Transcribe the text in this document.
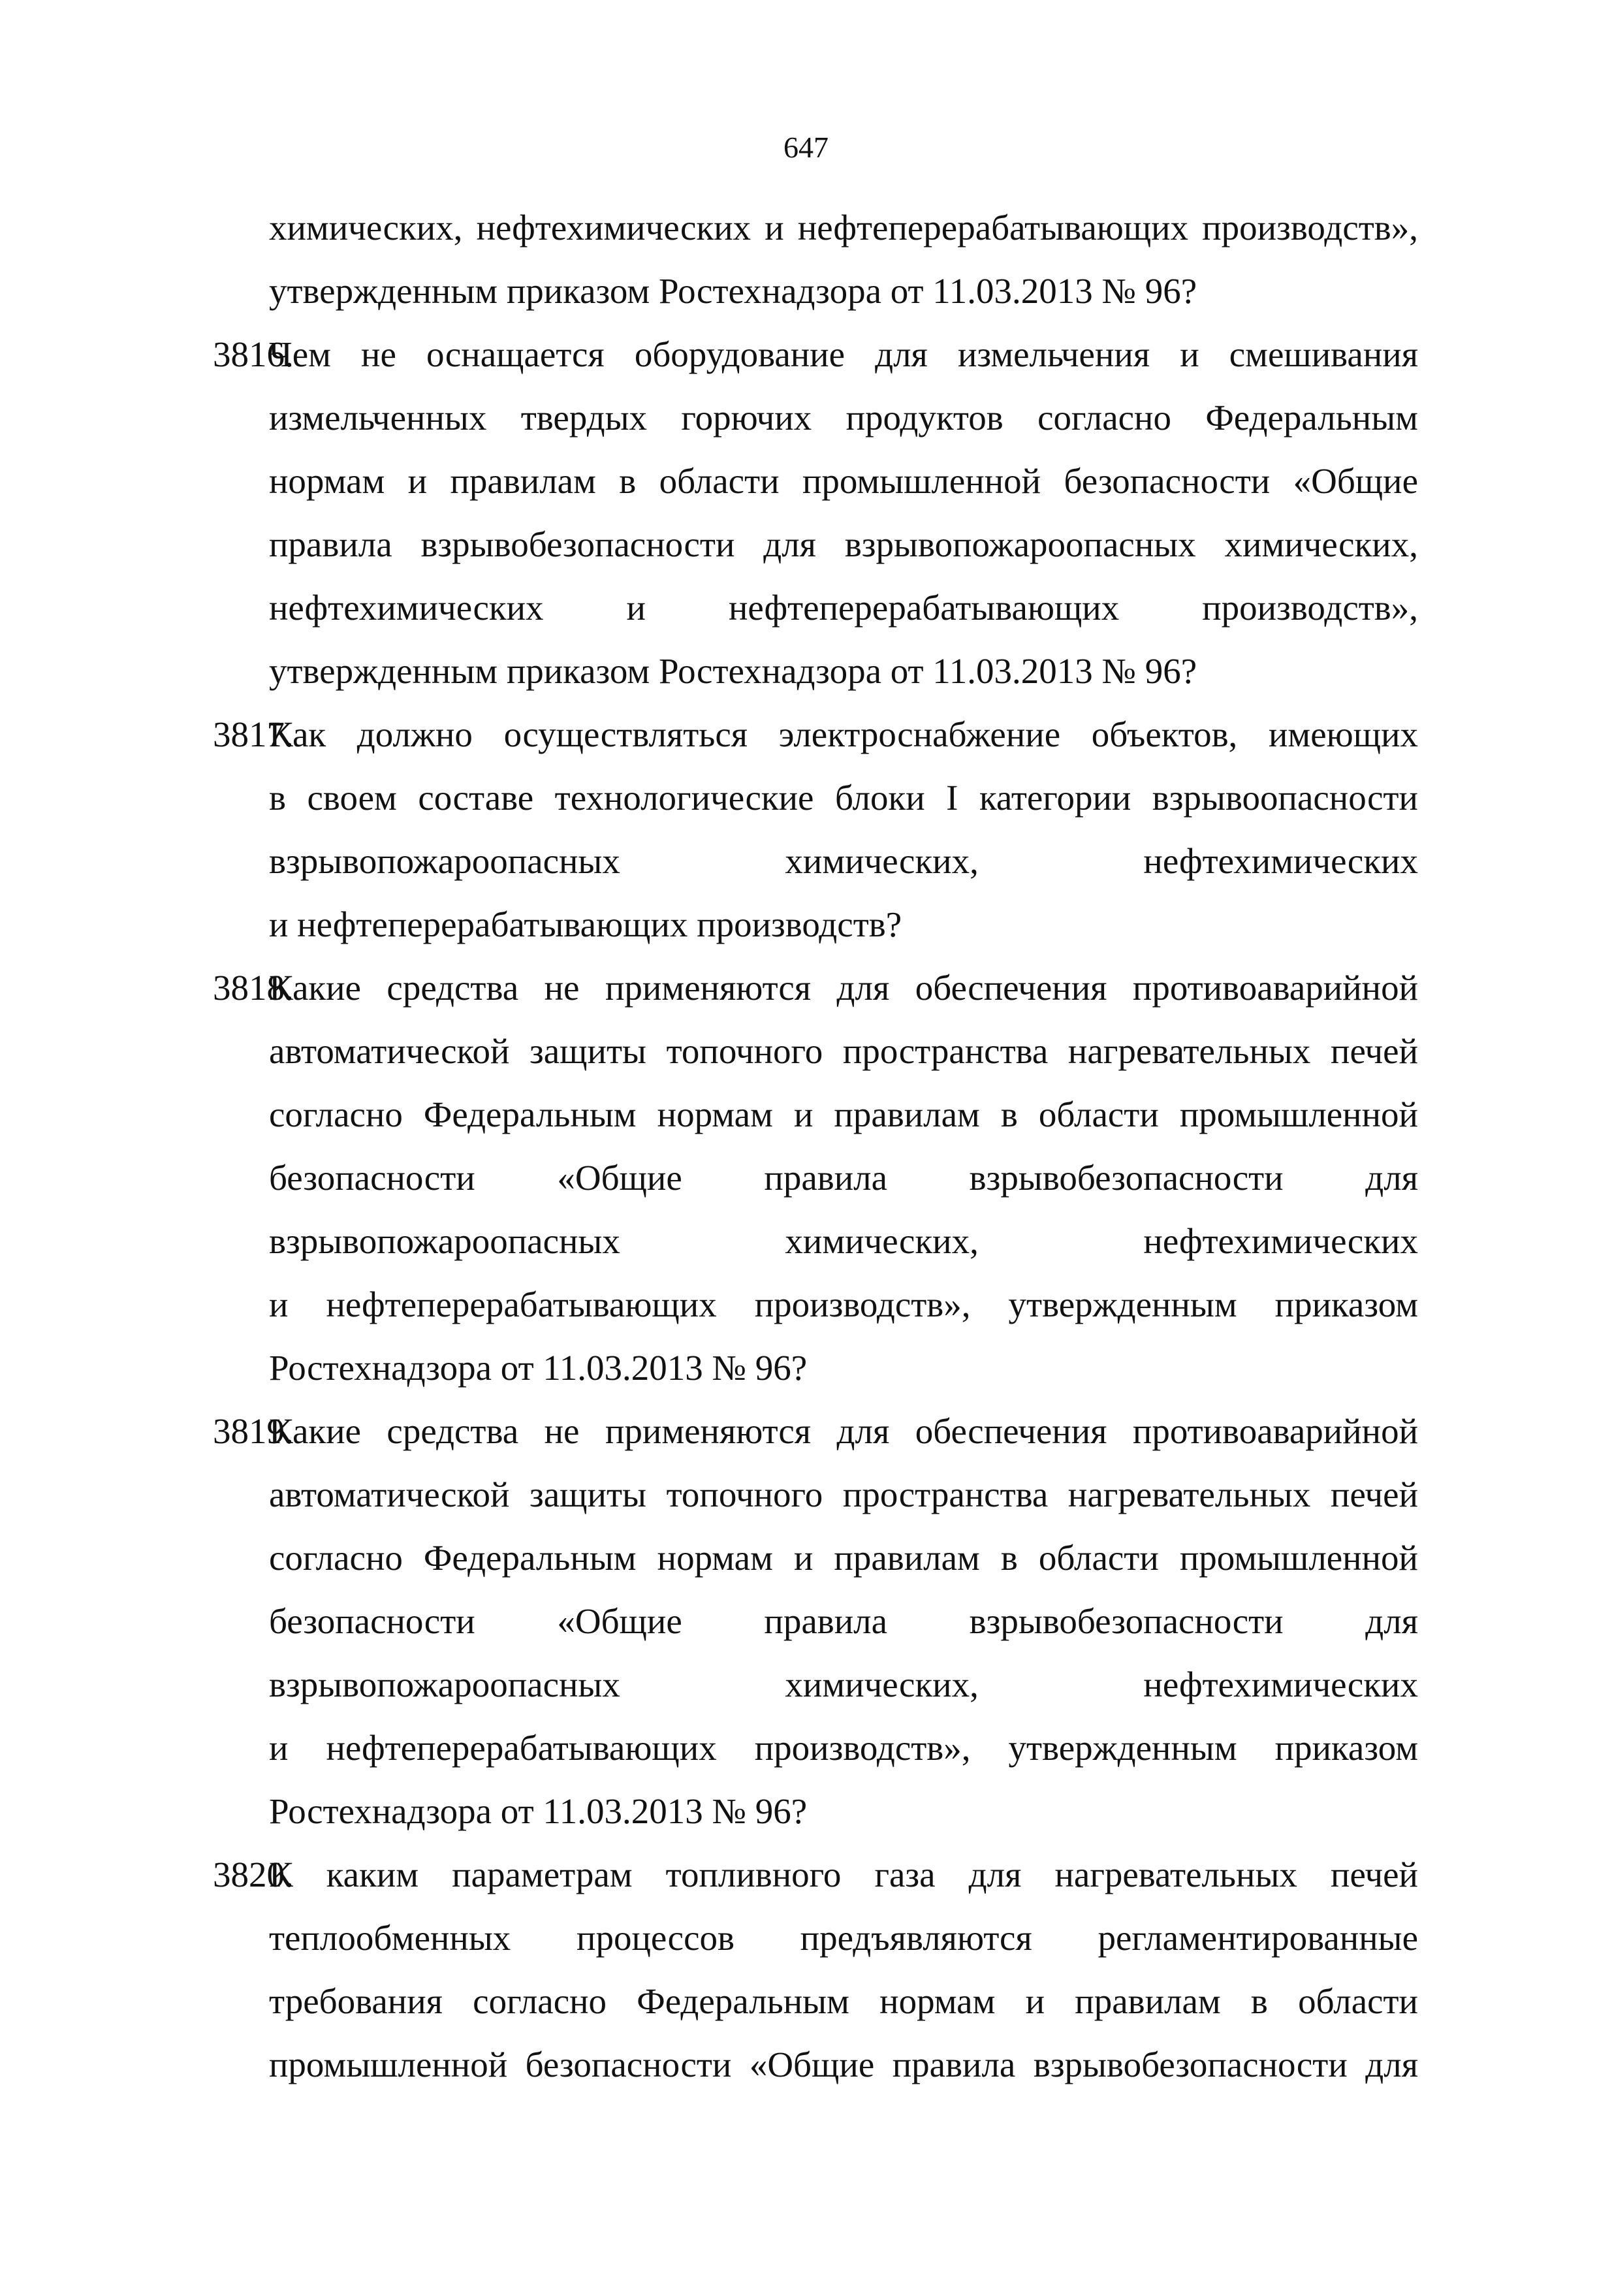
647
химических, нефтехимических и нефтеперерабатывающих производств»,
утвержденным приказом Ростехнадзора от 11.03.2013 № 96?
3816 .
Чем не оснащается оборудование для измельчения и смешивания
измельченных твердых горючих продуктов согласно Федеральным
нормам и правилам в области промышленной безопасности «Общие
правила взрывобезопасности для взрывопожароопасных химических,
нефтехимических и нефтеперерабатывающих производств»,
утвержденным приказом Ростехнадзора от 11.03.2013 № 96?
3817 .
Как должно осуществляться электроснабжение объектов, имеющих
в своем составе технологические блоки I категории взрывоопасности
взрывопожароопасных химических, нефтехимических
и нефтеперерабатывающих производств?
3818 .
Какие средства не применяются для обеспечения противоаварийной
автоматической защиты топочного пространства нагревательных печей
согласно Федеральным нормам и правилам в области промышленной
безопасности «Общие правила взрывобезопасности для
взрывопожароопасных химических, нефтехимических
и нефтеперерабатывающих производств», утвержденным приказом
Ростехнадзора от 11.03.2013 № 96?
3819 .
Какие средства не применяются для обеспечения противоаварийной
автоматической защиты топочного пространства нагревательных печей
согласно Федеральным нормам и правилам в области промышленной
безопасности «Общие правила взрывобезопасности для
взрывопожароопасных химических, нефтехимических
и нефтеперерабатывающих производств», утвержденным приказом
Ростехнадзора от 11.03.2013 № 96?
3820 .
К каким параметрам топливного газа для нагревательных печей
теплообменных процессов предъявляются регламентированные
требования согласно Федеральным нормам и правилам в области
промышленной безопасности «Общие правила взрывобезопасности для
